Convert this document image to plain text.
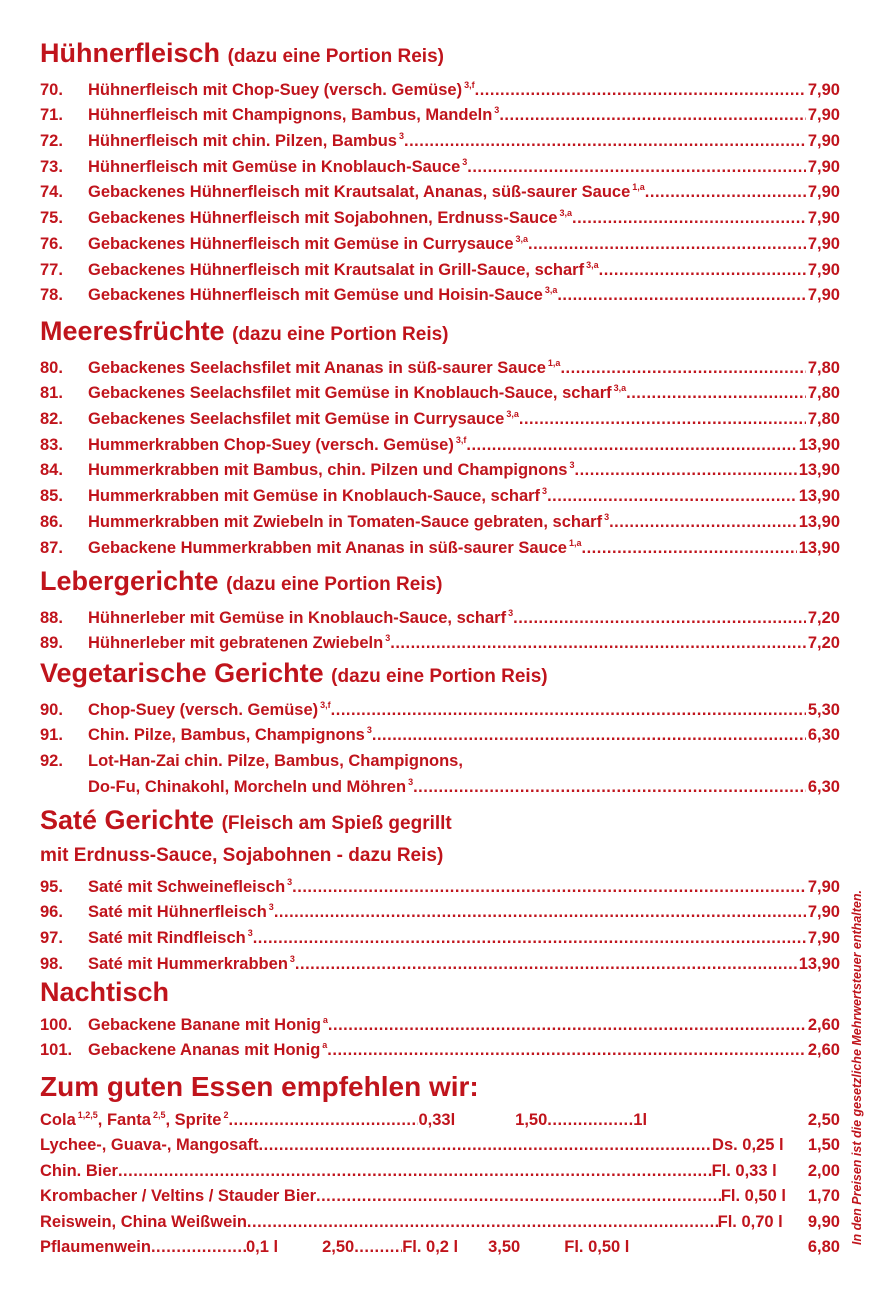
Hühnerfleisch (dazu eine Portion Reis)
70.	Hühnerfleisch mit Chop-Suey (versch. Gemüse) $^{3,f}$ .....	7,90
71.	Hühnerfleisch mit Champignons, Bambus, Mandeln $^3$ .....	7,90
72.	Hühnerfleisch mit chin. Pilzen, Bambus $^3$ .....	7,90
73.	Hühnerfleisch mit Gemüse in Knoblauch-Sauce $^3$ .....	7,90
74.	Gebackenes Hühnerfleisch mit Krautsalat, Ananas, süß-saurer Sauce $^{1,a}$ .....	7,90
75.	Gebackenes Hühnerfleisch mit Sojabohnen, Erdnuss-Sauce $^{3,a}$ .....	7,90
76.	Gebackenes Hühnerfleisch mit Gemüse in Currysauce $^{3,a}$ .....	7,90
77.	Gebackenes Hühnerfleisch mit Krautsalat in Grill-Sauce, scharf $^{3,a}$ .....	7,90
78.	Gebackenes Hühnerfleisch mit Gemüse und Hoisin-Sauce $^{3,a}$ .....	7,90
Meeresfrüchte (dazu eine Portion Reis)
80.	Gebackenes Seelachsfilet mit Ananas in süß-saurer Sauce $^{1,a}$ .....	7,80
81.	Gebackenes Seelachsfilet mit Gemüse in Knoblauch-Sauce, scharf $^{3,a}$ .....	7,80
82.	Gebackenes Seelachsfilet mit Gemüse in Currysauce $^{3,a}$ .....	7,80
83.	Hummerkrabben Chop-Suey (versch. Gemüse) $^{3,f}$ .....	13,90
84.	Hummerkrabben mit Bambus, chin. Pilzen und Champignons $^3$ .....	13,90
85.	Hummerkrabben mit Gemüse in Knoblauch-Sauce, scharf $^3$ .....	13,90
86.	Hummerkrabben mit Zwiebeln in Tomaten-Sauce gebraten, scharf $^3$ .....	13,90
87.	Gebackene Hummerkrabben mit Ananas in süß-saurer Sauce $^{1,a}$ .....	13,90
Lebergerichte (dazu eine Portion Reis)
88.	Hühnerleber mit Gemüse in Knoblauch-Sauce, scharf $^3$ .....	7,20
89.	Hühnerleber mit gebratenen Zwiebeln $^3$ .....	7,20
Vegetarische Gerichte (dazu eine Portion Reis)
90.	Chop-Suey (versch. Gemüse) $^{3,f}$ .....	5,30
91.	Chin. Pilze, Bambus, Champignons $^3$ .....	6,30
92.	Lot-Han-Zai chin. Pilze, Bambus, Champignons,
Do-Fu, Chinakohl, Morcheln und Möhren $^3$ .....	6,30
Saté Gerichte (Fleisch am Spieß gegrillt
mit Erdnuss-Sauce, Sojabohnen - dazu Reis)
95.	Saté mit Schweinefleisch $^3$ .....	7,90
96.	Saté mit Hühnerfleisch $^3$ .....	7,90
97.	Saté mit Rindfleisch $^3$ .....	7,90
98.	Saté mit Hummerkrabben $^3$ .....	13,90
Nachtisch
100. Gebackene Banane mit Honig $^a$ .....	2,60
101. Gebackene Ananas mit Honig $^a$ .....	2,60
Zum guten Essen empfehlen wir:
Cola $^{1,2,5}$, Fanta $^{2,5}$, Sprite $^2$ .....	0,33l	1,50 .....	1l	2,50
Lychee-, Guava-, Mangosaft .....	Ds. 0,25 l 1,50
Chin. Bier .....	Fl. 0,33 l 2,00
Krombacher / Veltins / Stauder Bier .....	Fl. 0,50 l 1,70
Reiswein, China Weißwein .....	Fl. 0,70 l 9,90
Pflaumenwein .....	0,1 l	2,50 .....	Fl. 0,2 l 3,50	Fl. 0,50 l	6,80
In den Preisen ist die gesetzliche Mehrwertsteuer enthalten.
